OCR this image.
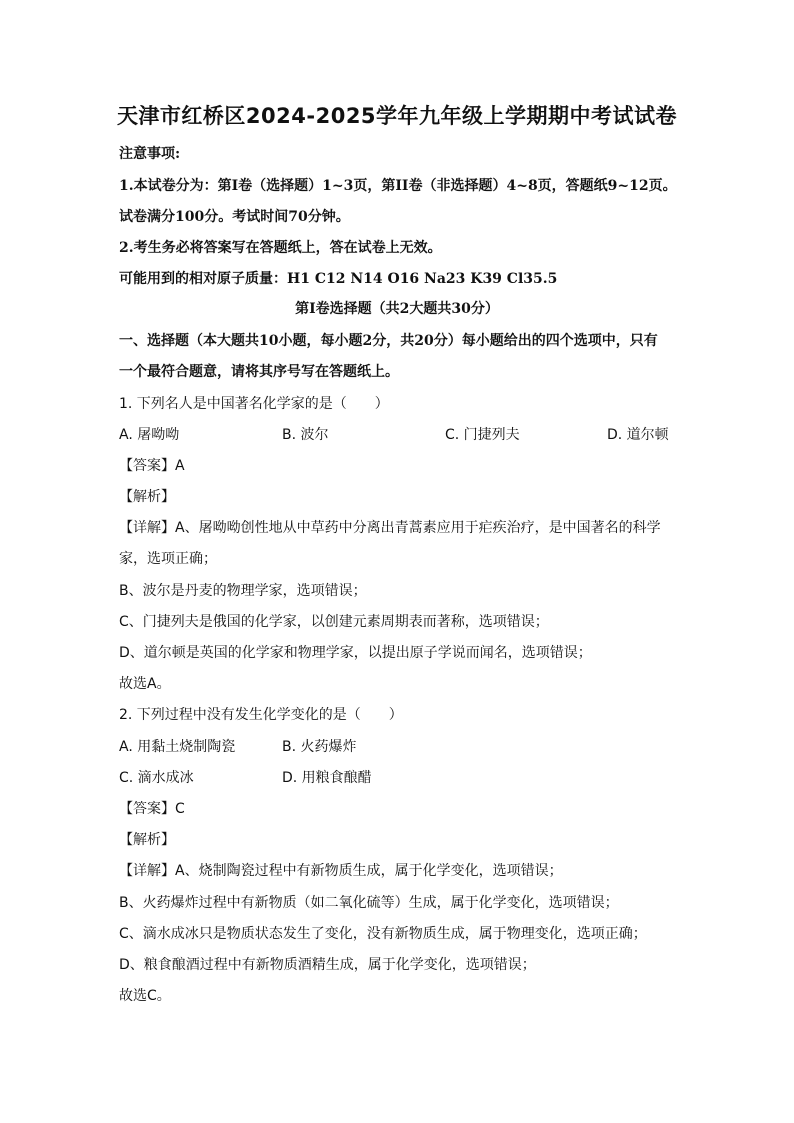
天津市红桥区2024-2025学年九年级上学期期中考试试卷
注意事项:
1.本试卷分为：第I卷（选择题）1~3页，第II卷（非选择题）4~8页，答题纸9~12页。
试卷满分100分。考试时间70分钟。
2.考生务必将答案写在答题纸上，答在试卷上无效。
可能用到的相对原子质量：H1 C12 N14 O16 Na23 K39 Cl35.5
第I卷选择题（共2大题共30分）
一、选择题（本大题共10小题，每小题2分，共20分）每小题给出的四个选项中，只有
一个最符合题意，请将其序号写在答题纸上。
1. 下列名人是中国著名化学家的是（　　）
A. 屠呦呦	B. 波尔	C. 门捷列夫	D. 道尔顿
【答案】A
【解析】
【详解】A、屠呦呦创性地从中草药中分离出青蒿素应用于疟疾治疗，是中国著名的科学
家，选项正确；
B、波尔是丹麦的物理学家，选项错误；
C、门捷列夫是俄国的化学家，以创建元素周期表而著称，选项错误；
D、道尔顿是英国的化学家和物理学家，以提出原子学说而闻名，选项错误；
故选A。
2. 下列过程中没有发生化学变化的是（　　）
A. 用黏土烧制陶瓷	B. 火药爆炸
C. 滴水成冰	D. 用粮食酿醋
【答案】C
【解析】
【详解】A、烧制陶瓷过程中有新物质生成，属于化学变化，选项错误；
B、火药爆炸过程中有新物质（如二氧化硫等）生成，属于化学变化，选项错误；
C、滴水成冰只是物质状态发生了变化，没有新物质生成，属于物理变化，选项正确；
D、粮食酿酒过程中有新物质酒精生成，属于化学变化，选项错误；
故选C。
